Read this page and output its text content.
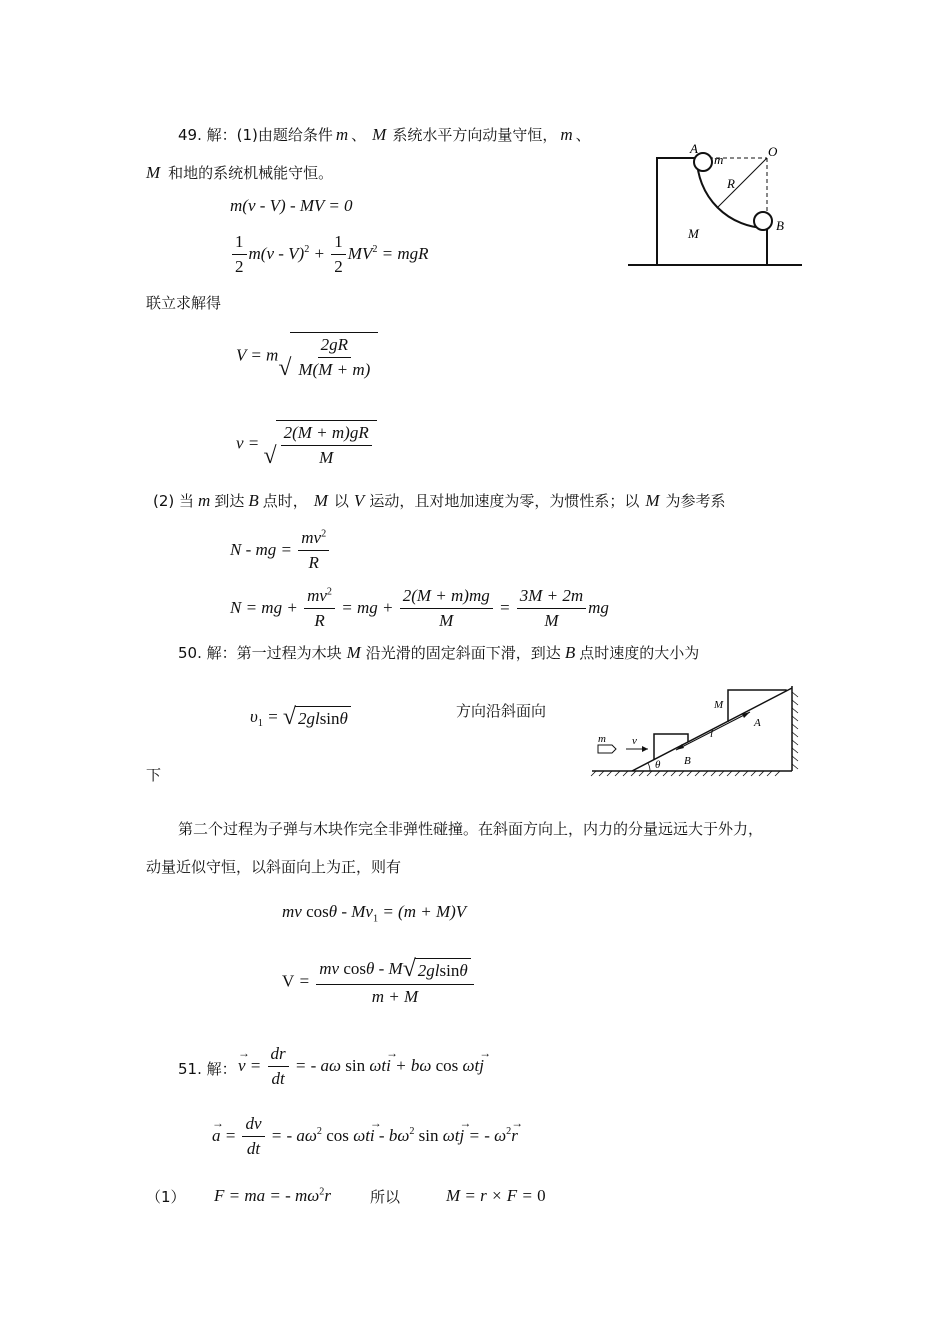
49. 解：(1)由题给条件 m 、 M 系统水平方向动量守恒， m 、
M 和地的系统机械能守恒。
m(v - V) - MV = 0
$\frac{1}{2} m(v - V)^2 + \frac{1}{2} MV^2$ = mgR
联立求解得
V = m
√ $\frac{2gR}{M(M + m)}$
v =
√ $\frac{2(M + m)gR}{M}$
(2) 当 m 到达 B 点时， M 以 V 运动，且对地加速度为零，为惯性系；以 M 为参考系
N - mg = $\frac{mv^2}{R}$
N = mg + $\frac{mv^2}{R}$ = mg + $\frac{2(M + m)mg}{M} = \frac{3M + 2m}{M}$ mg
A
m
O
R
B
M
50. 解：第一过程为木块 M 沿光滑的固定斜面下滑，到达 B 点时速度的大小为
$\upsilon_1$ = √ 2gl sin θ	方向沿斜面向
下
m v
M
A
l
B
θ
第二个过程为子弹与木块作完全非弹性碰撞。在斜面方向上，内力的分量远远大于外力，
动量近似守恒，以斜面向上为正，则有
mv $\cos\theta - Mv_1 = (m + M)V$
$V = \frac{\text{mv cosθ - M √ 2gl sin θ}}{m + M}$
51. 解：
→ $v = \frac{dr}{dt}$ = - aω sin ωt→ i + bω cos ωt→ j
→ $a = \frac{dv}{dt}$ = - $a\omega^2$ $\cos \omega t\to i - b\omega^2$ sin ωt→ j = - $\omega^2\to r$
（1） F = ma = - $m\omega^2r$	所以	M = r × F = 0
